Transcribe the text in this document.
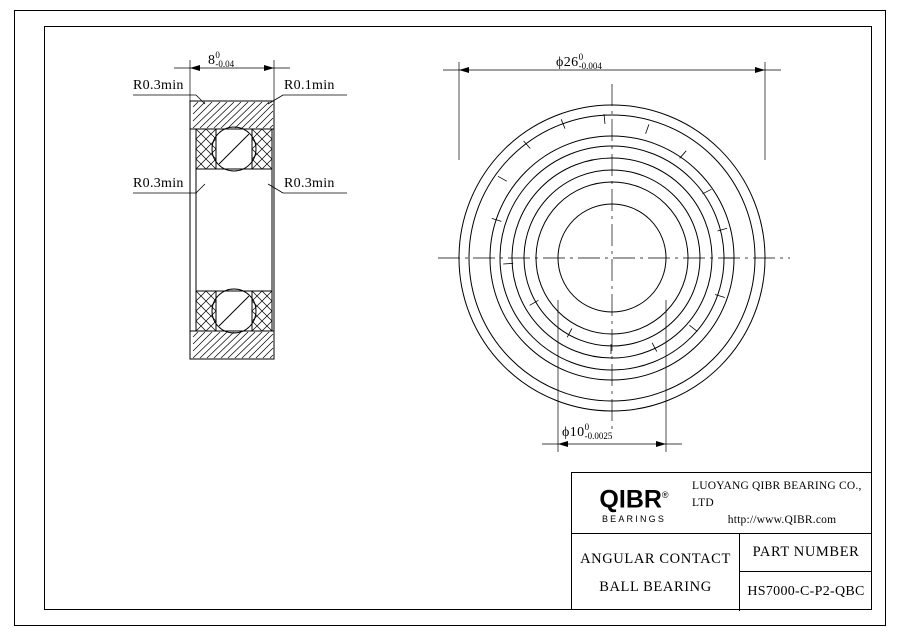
8 0
-0.04	ϕ26 0
-0.004
ϕ10 0
-0.0025
R0.3min	R0.1min
R0.3min	R0.3min
QIBR®
BEARINGS
LUOYANG QIBR BEARING CO., LTD
http://www.QIBR.com
ANGULAR CONTACT
BALL BEARING
PART NUMBER
HS7000-C-P2-QBC
